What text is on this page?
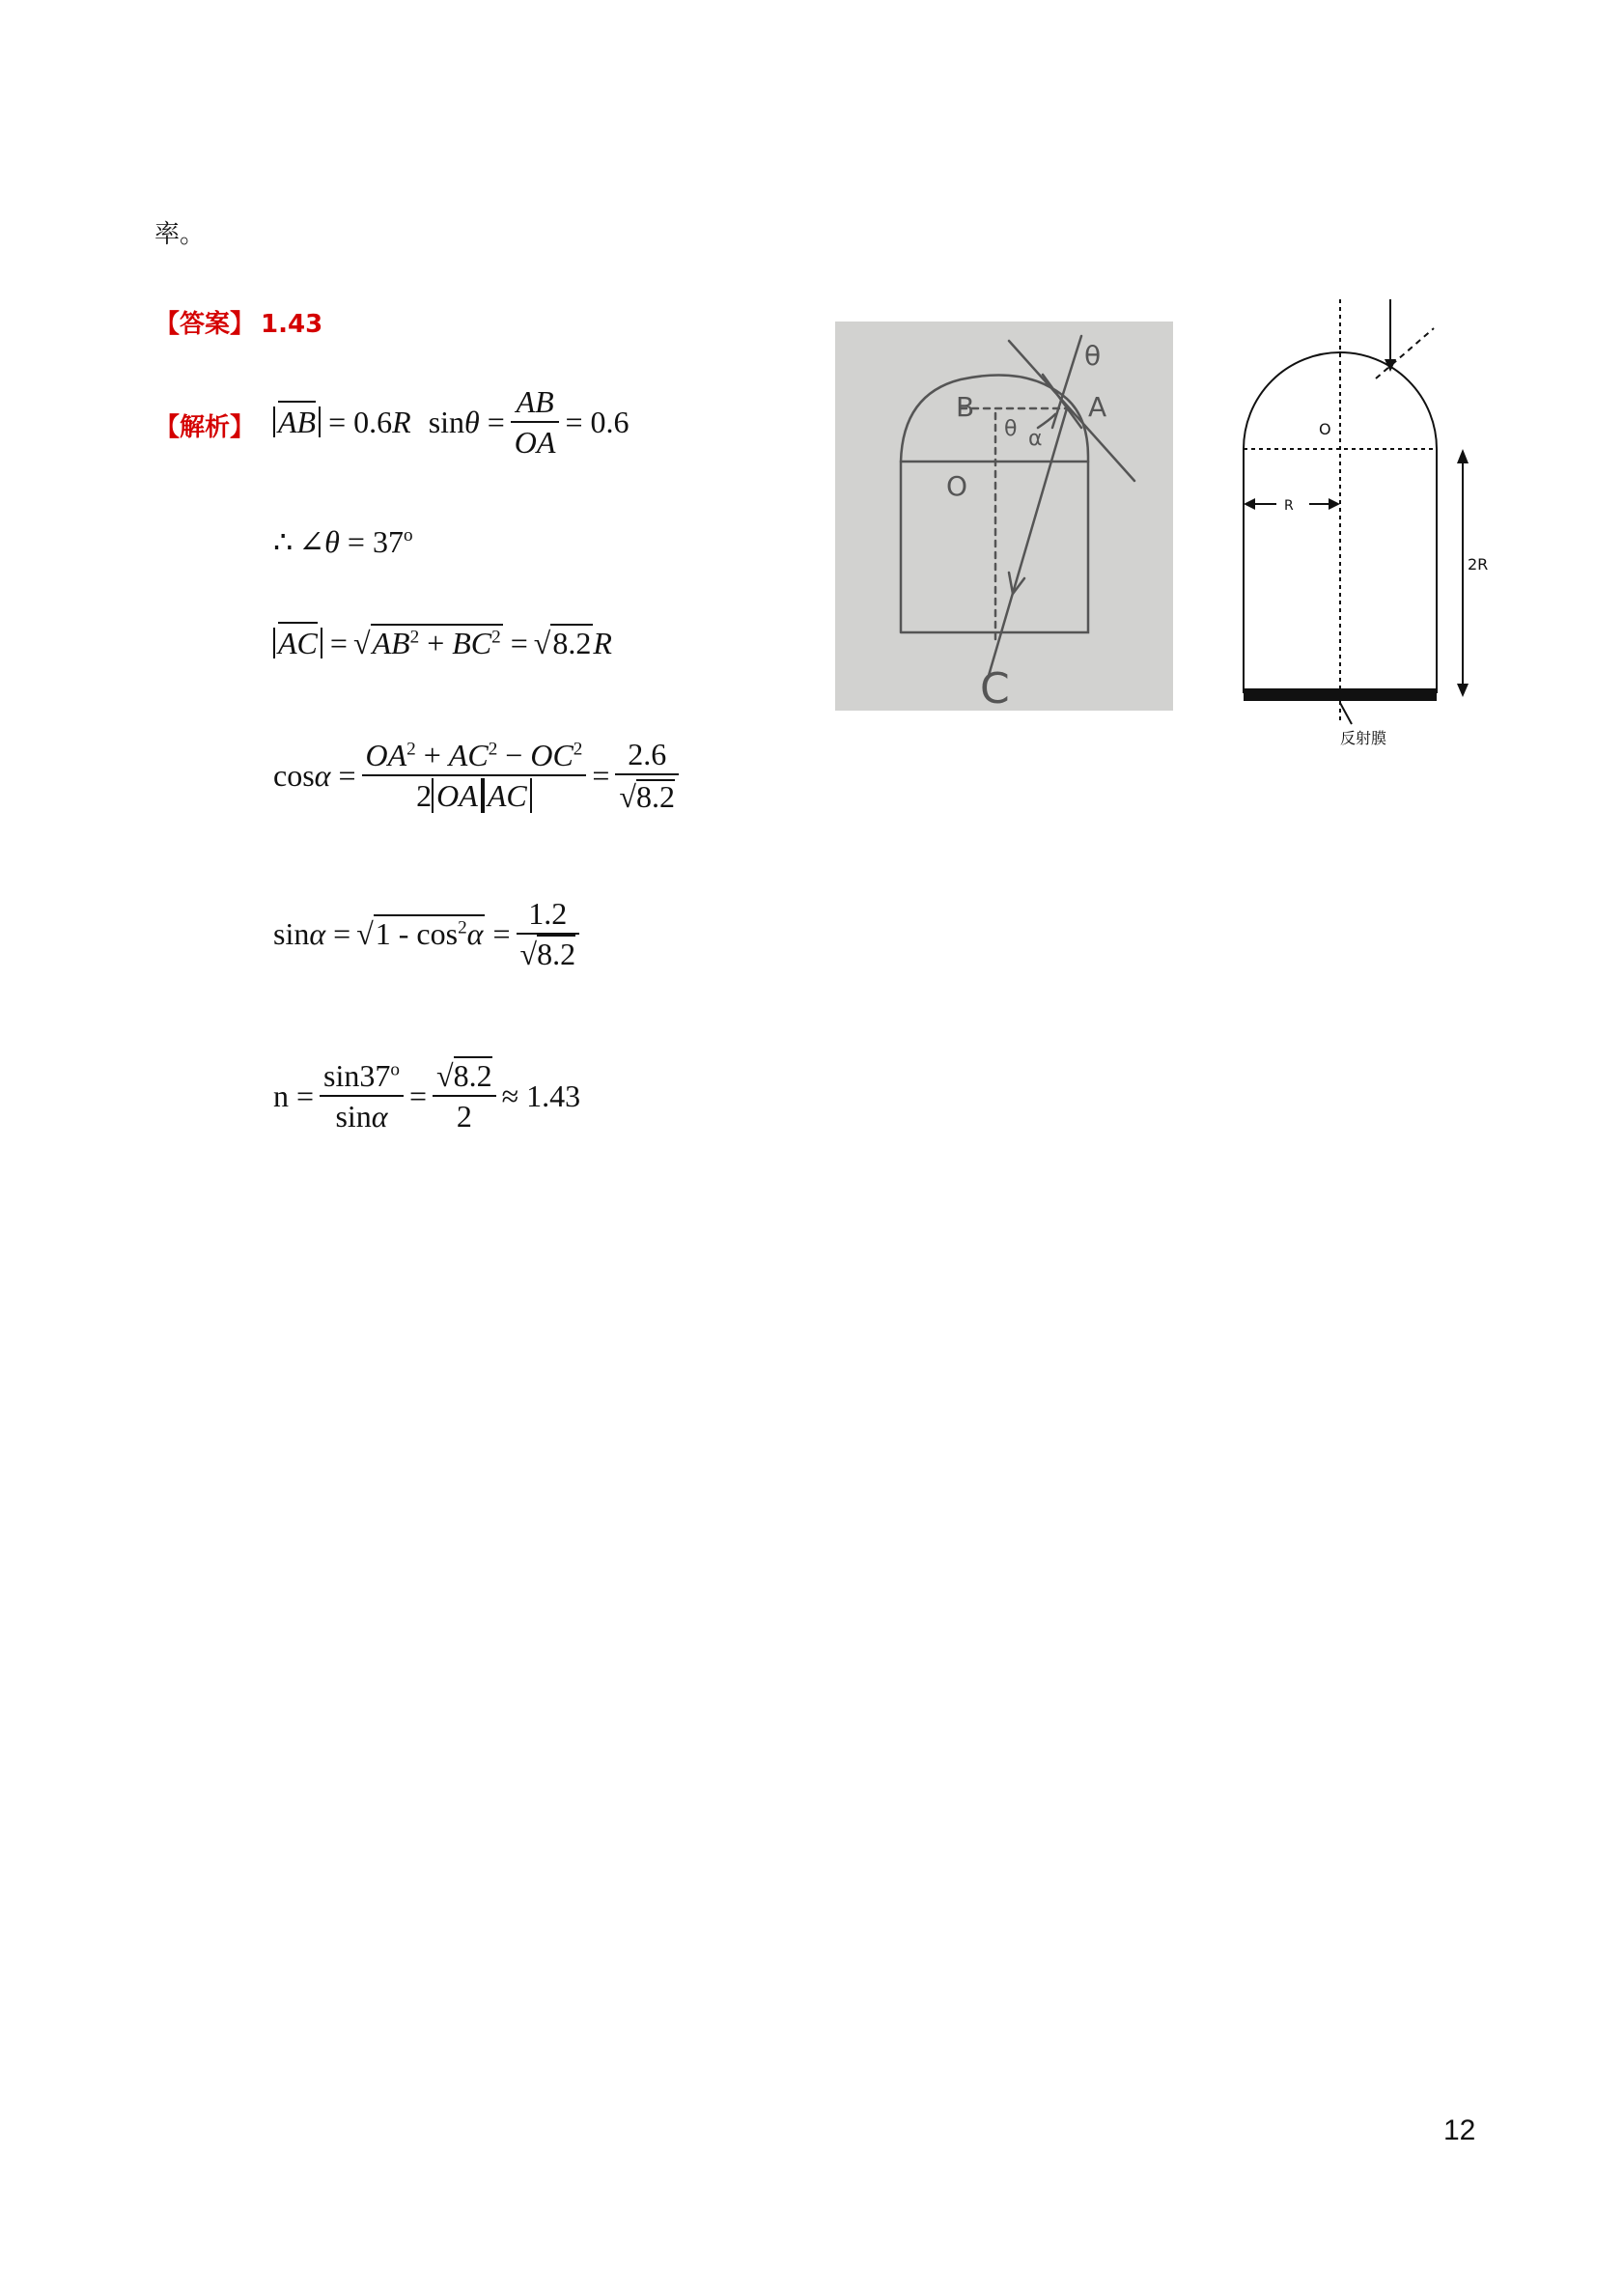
率。
【答案】 1.43
【解析】 AB = 0.6 R $\sin \theta = \frac{AB}{OA} = 0.6$
∴ ∠ θ = 37 o
AC = $√AB^2 + BC^2 = √8.2$ R
$\cos \alpha = \frac{OA^2 + AC^2 - OC^2}{\text{2 OA AC}} = \frac{2.6}{√8.2}$
$\sin \alpha = √1 - \cos^2\alpha = \frac{1.2}{√8.2}$
$n = \frac{\sin 37^o}{\sin\alpha} = \frac{√8.2}{2} \approx 1.43$
B	A
O
C
θ
θ α	O
R
2R
反射膜
12
